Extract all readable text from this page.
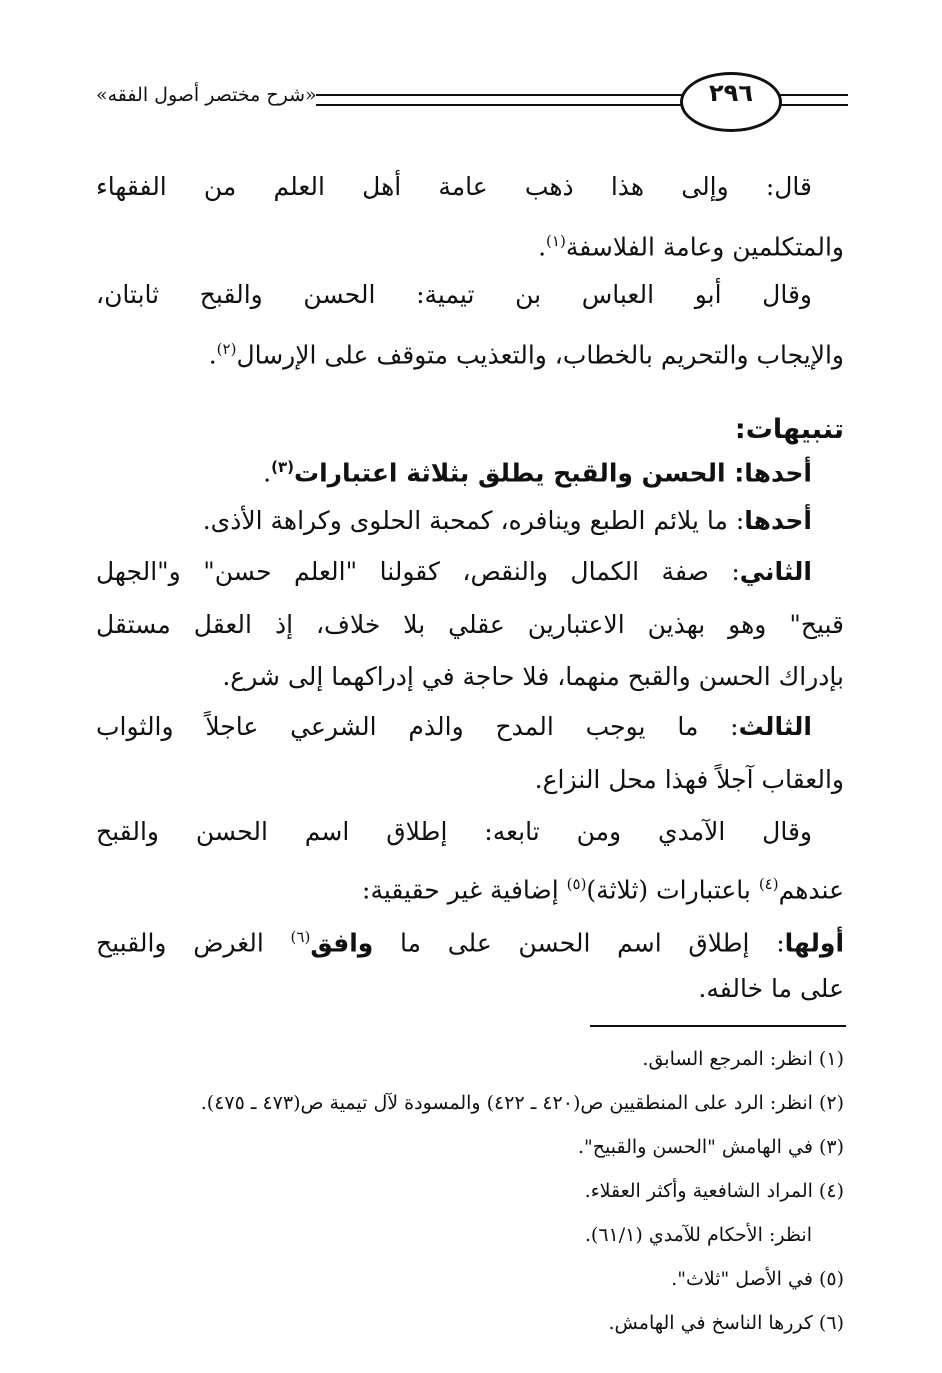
«شرح مختصر أصول الفقه»	٢٩٦
قال: وإلى هذا ذهب عامة أهل العلم من الفقهاء
والمتكلمين وعامة الفلاسفة$^{(١)}$.
وقال أبو العباس بن تيمية: الحسن والقبح ثابتان،
والإيجاب والتحريم بالخطاب، والتعذيب متوقف على الإرسال$^{(٢)}$.
تنبيهات:
أحدها: الحسن والقبح يطلق بثلاثة اعتبارات$^{(٣)}$.
أحدها: ما يلائم الطبع وينافره، كمحبة الحلوى وكراهة الأذى.
الثاني: صفة الكمال والنقص، كقولنا "العلم حسن" و"الجهل
قبيح" وهو بهذين الاعتبارين عقلي بلا خلاف، إذ العقل مستقل
بإدراك الحسن والقبح منهما، فلا حاجة في إدراكهما إلى شرع.
الثالث: ما يوجب المدح والذم الشرعي عاجلاً والثواب
والعقاب آجلاً فهذا محل النزاع.
وقال الآمدي ومن تابعه: إطلاق اسم الحسن والقبح
عندهم$^{(٤)}$ باعتبارات (ثلاثة)$^{(٥)}$ إضافية غير حقيقية:
أولها: إطلاق اسم الحسن على ما وافق$^{(٦)}$ الغرض والقبيح
على ما خالفه.
(١) انظر: المرجع السابق.
(٢) انظر: الرد على المنطقيين ص(٤٢٠ ـ ٤٢٢) والمسودة لآل تيمية ص(٤٧٣ ـ ٤٧٥).
(٣) في الهامش "الحسن والقبيح".
(٤) المراد الشافعية وأكثر العقلاء.
انظر: الأحكام للآمدي (٦١/١).
(٥) في الأصل "ثلاث".
(٦) كررها الناسخ في الهامش.
